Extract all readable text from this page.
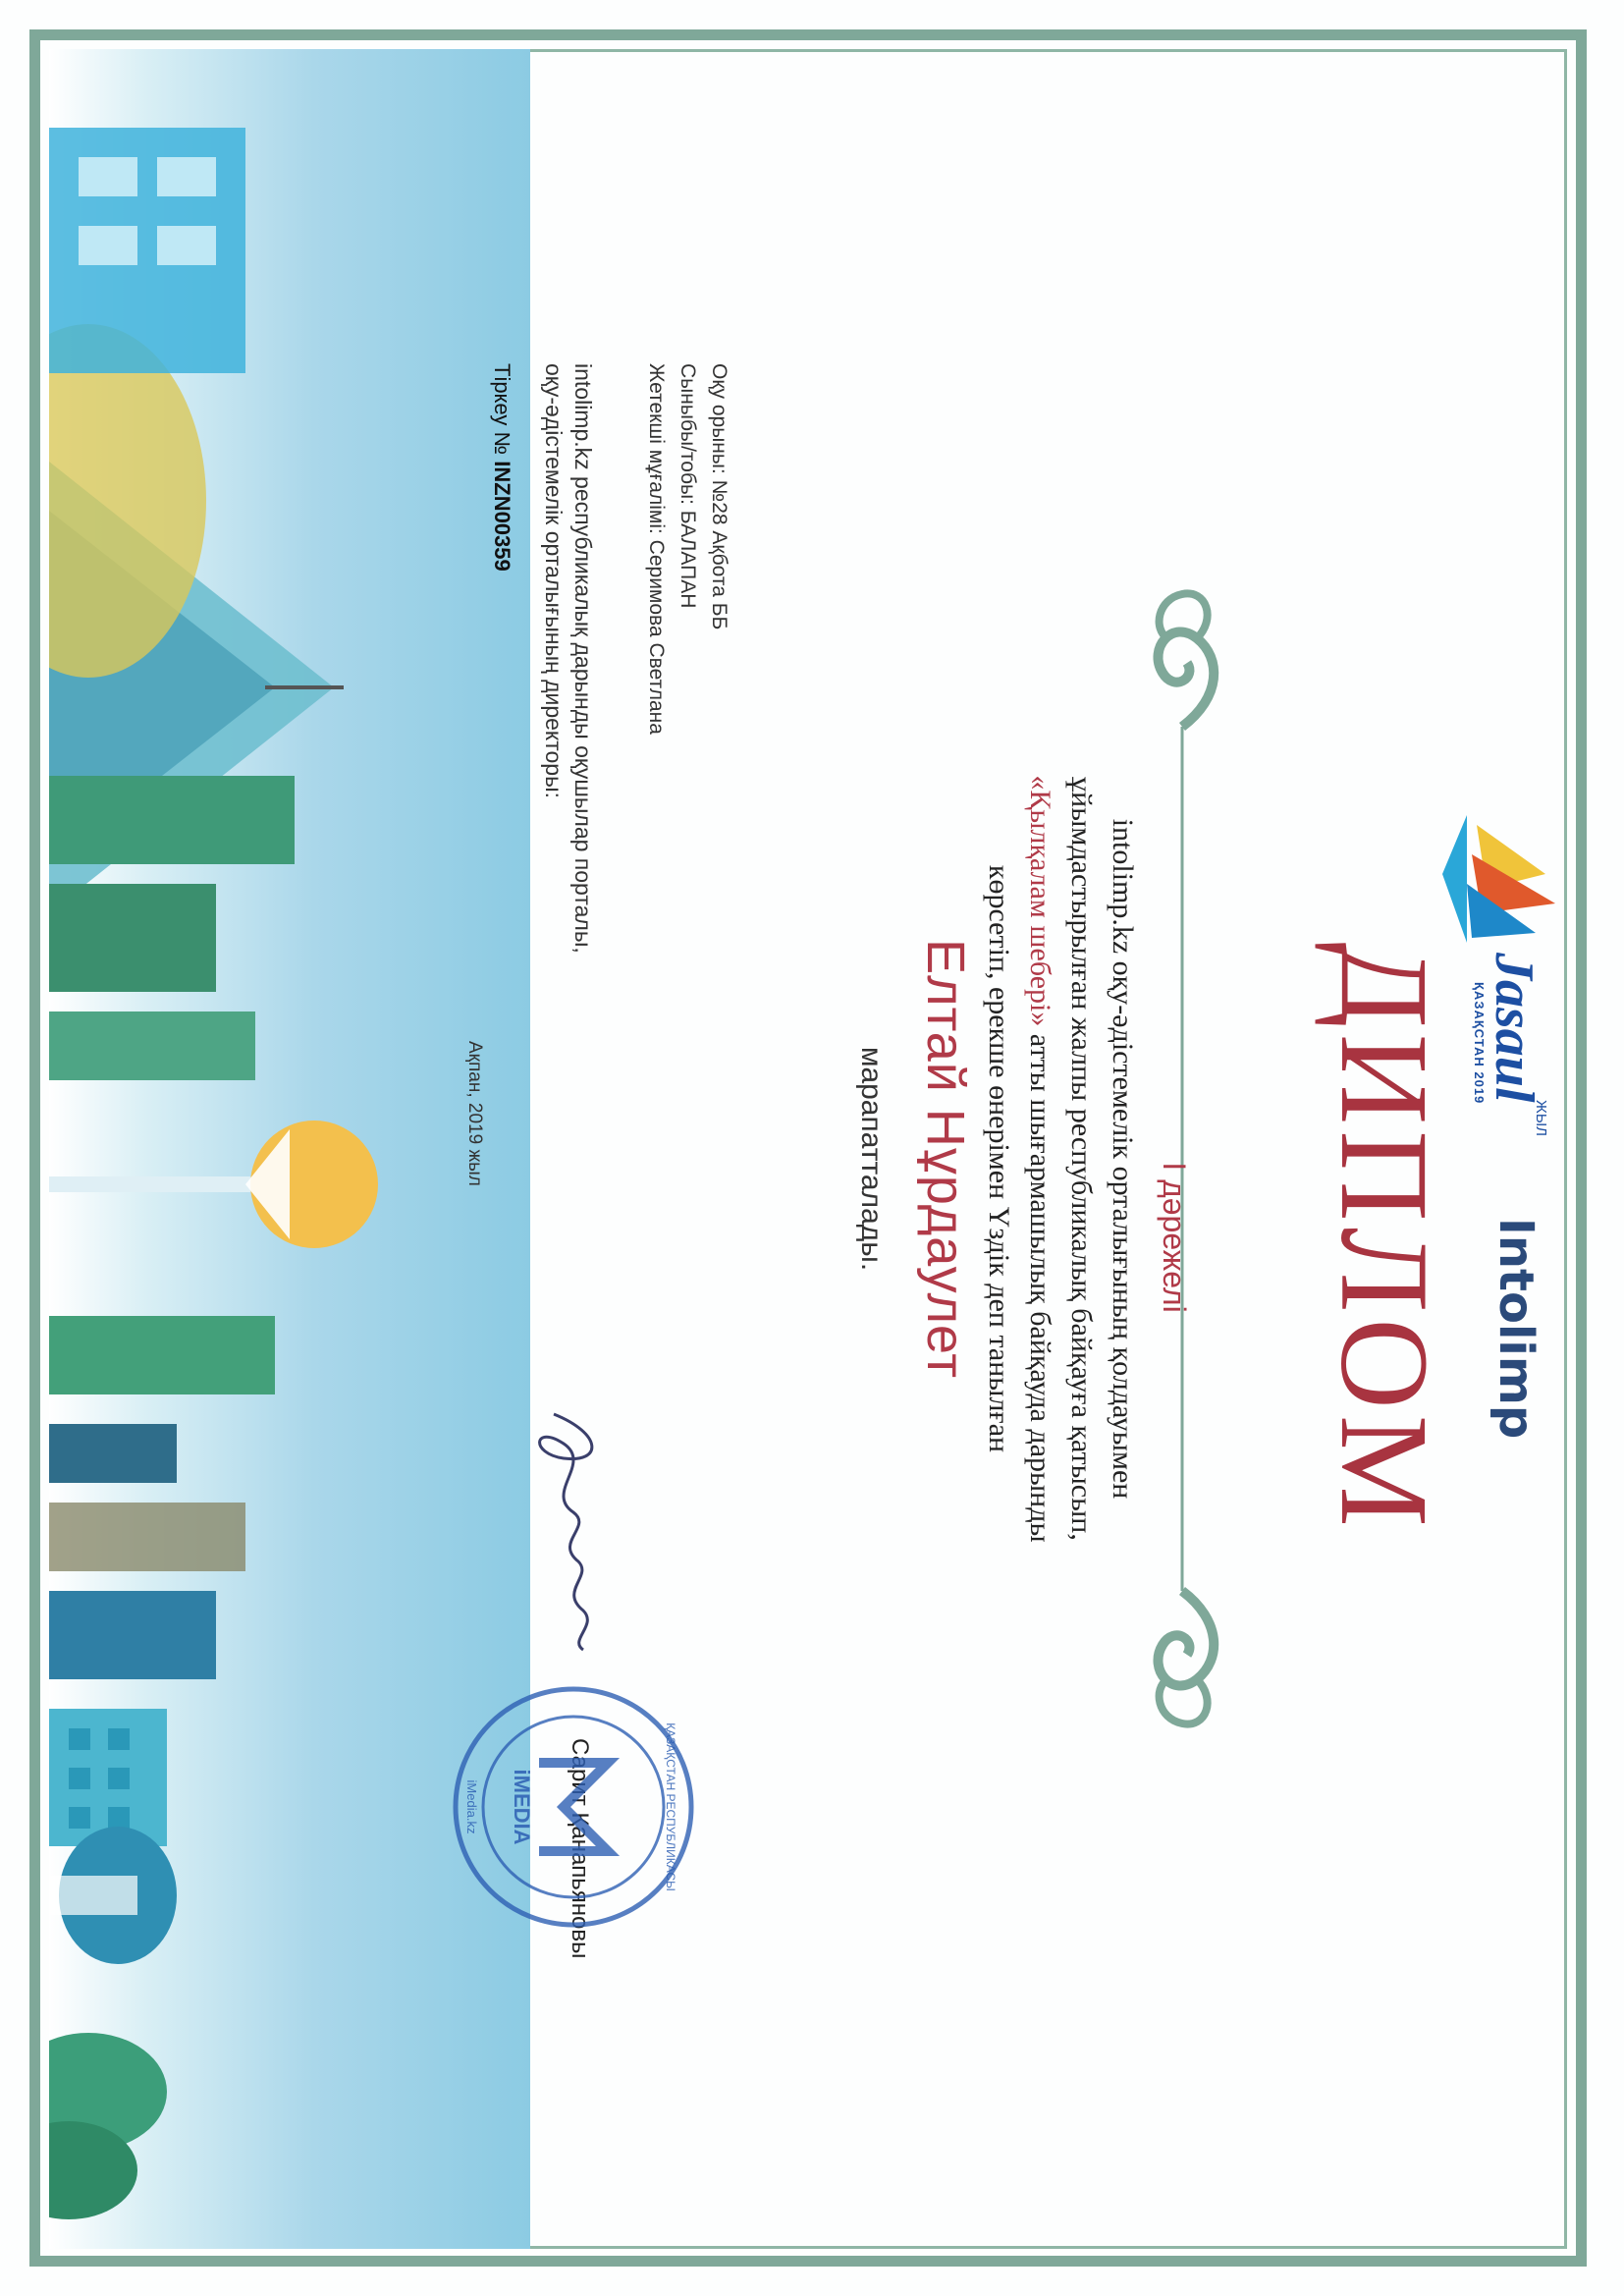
Jasaul
ЖЫЛ
ҚАЗАҚСТАН 2019
Intolimp
ДИПЛОМ
I дәрежелі
intolimp.kz оқу-әдістемелік орталығының қолдауымен
ұйымдастырылған жалпы республикалық байқауға қатысып,
«Қылқалам шебері» атты шығармашылық байқауда дарынды
көрсетіп, ерекше өнерімен Үздік деп танылған
Елтай Нұрдаулет
марапатталады.
Оқу орыны: №28 Ақбота ББ
Сыныбы/тобы: БАЛАПАН
Жетекші мұғалімі: Серимова Светлана
intolimp.kz республикалық дарынды оқушылар порталы,
оқу-әдістемелік орталығының директоры:
Тіркеу № INZN00359
Ақпан, 2019 жыл
Сарит Қанапьяновы
iMEDIA	ҚАЗАҚСТАН РЕСПУБЛИКАСЫ
iMedia.kz
